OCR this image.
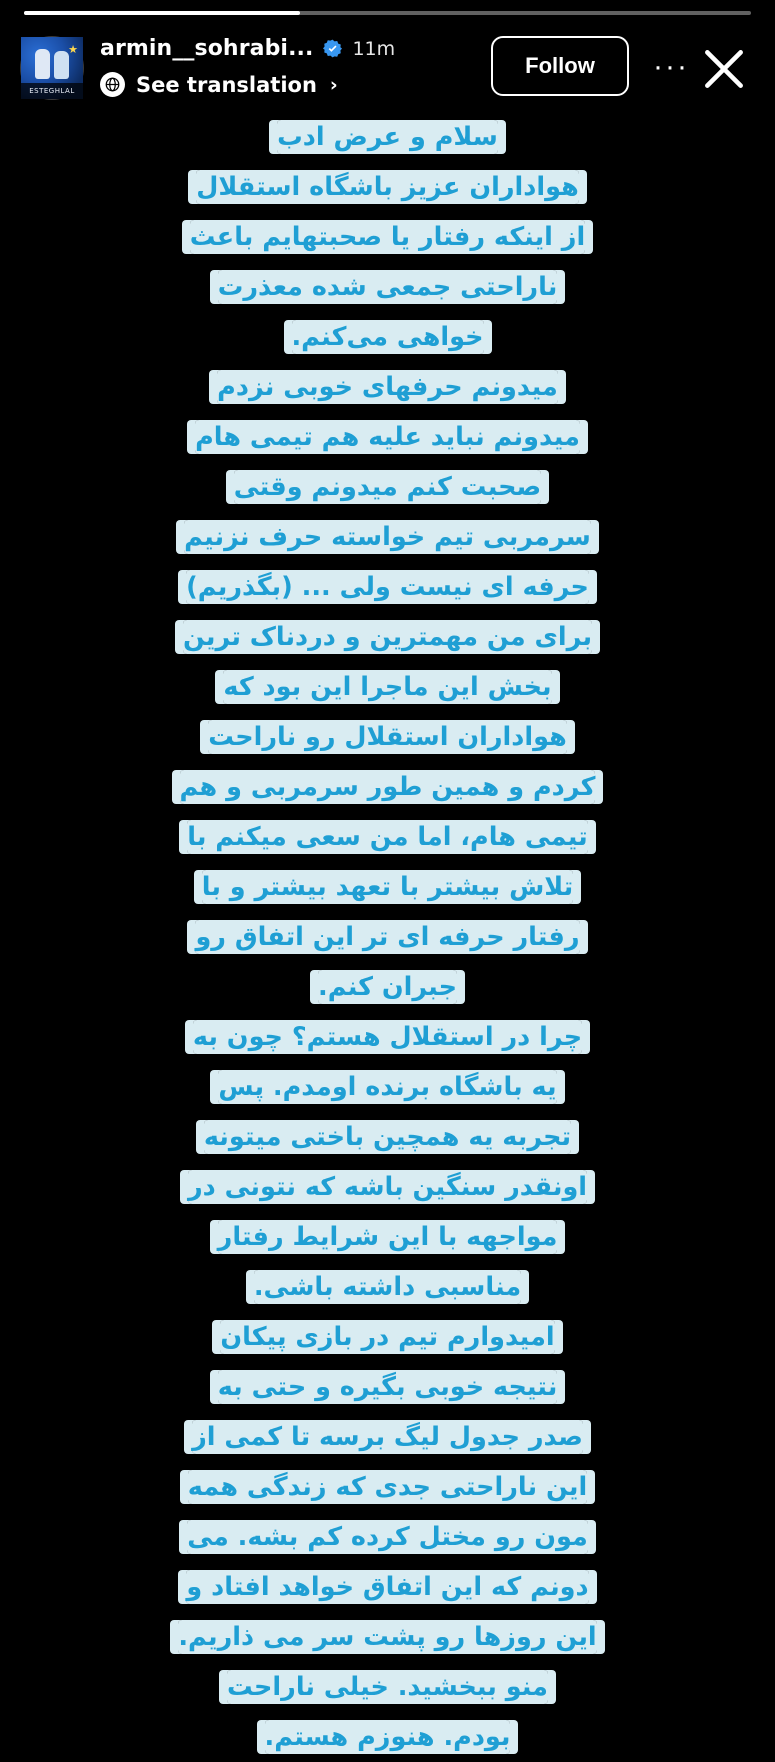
★
ESTEGHLAL
armin__sohrabi... 11m
See translation ›
Follow	···
سلام و عرض ادب
هواداران عزیز باشگاه استقلال
از اینکه رفتار یا صحبتهایم باعث
ناراحتی جمعی شده معذرت
خواهی می‌کنم.
میدونم حرفهای خوبی نزدم
میدونم نباید علیه هم تیمی هام
صحبت کنم میدونم وقتی
سرمربی تیم خواسته حرف نزنیم
حرفه ای نیست ولی ... (بگذریم)
برای من مهمترین و دردناک ترین
بخش این ماجرا این بود که
هواداران استقلال رو ناراحت
کردم و همین طور سرمربی و هم
تیمی هام، اما من سعی میکنم با
تلاش بیشتر با تعهد بیشتر و با
رفتار حرفه ای تر این اتفاق رو
جبران کنم.
چرا در استقلال هستم؟ چون به
یه باشگاه برنده اومدم. پس
تجربه یه همچین باختی میتونه
اونقدر سنگین باشه که نتونی در
مواجهه با این شرایط رفتار
مناسبی داشته باشی.
امیدوارم تیم در بازی پیکان
نتیجه خوبی بگیره و حتی به
صدر جدول لیگ برسه تا کمی از
این ناراحتی جدی که زندگی همه
مون رو مختل کرده کم بشه. می
دونم که این اتفاق خواهد افتاد و
این روزها رو پشت سر می ذاریم.
منو ببخشید. خیلی ناراحت
بودم. هنوزم هستم.
